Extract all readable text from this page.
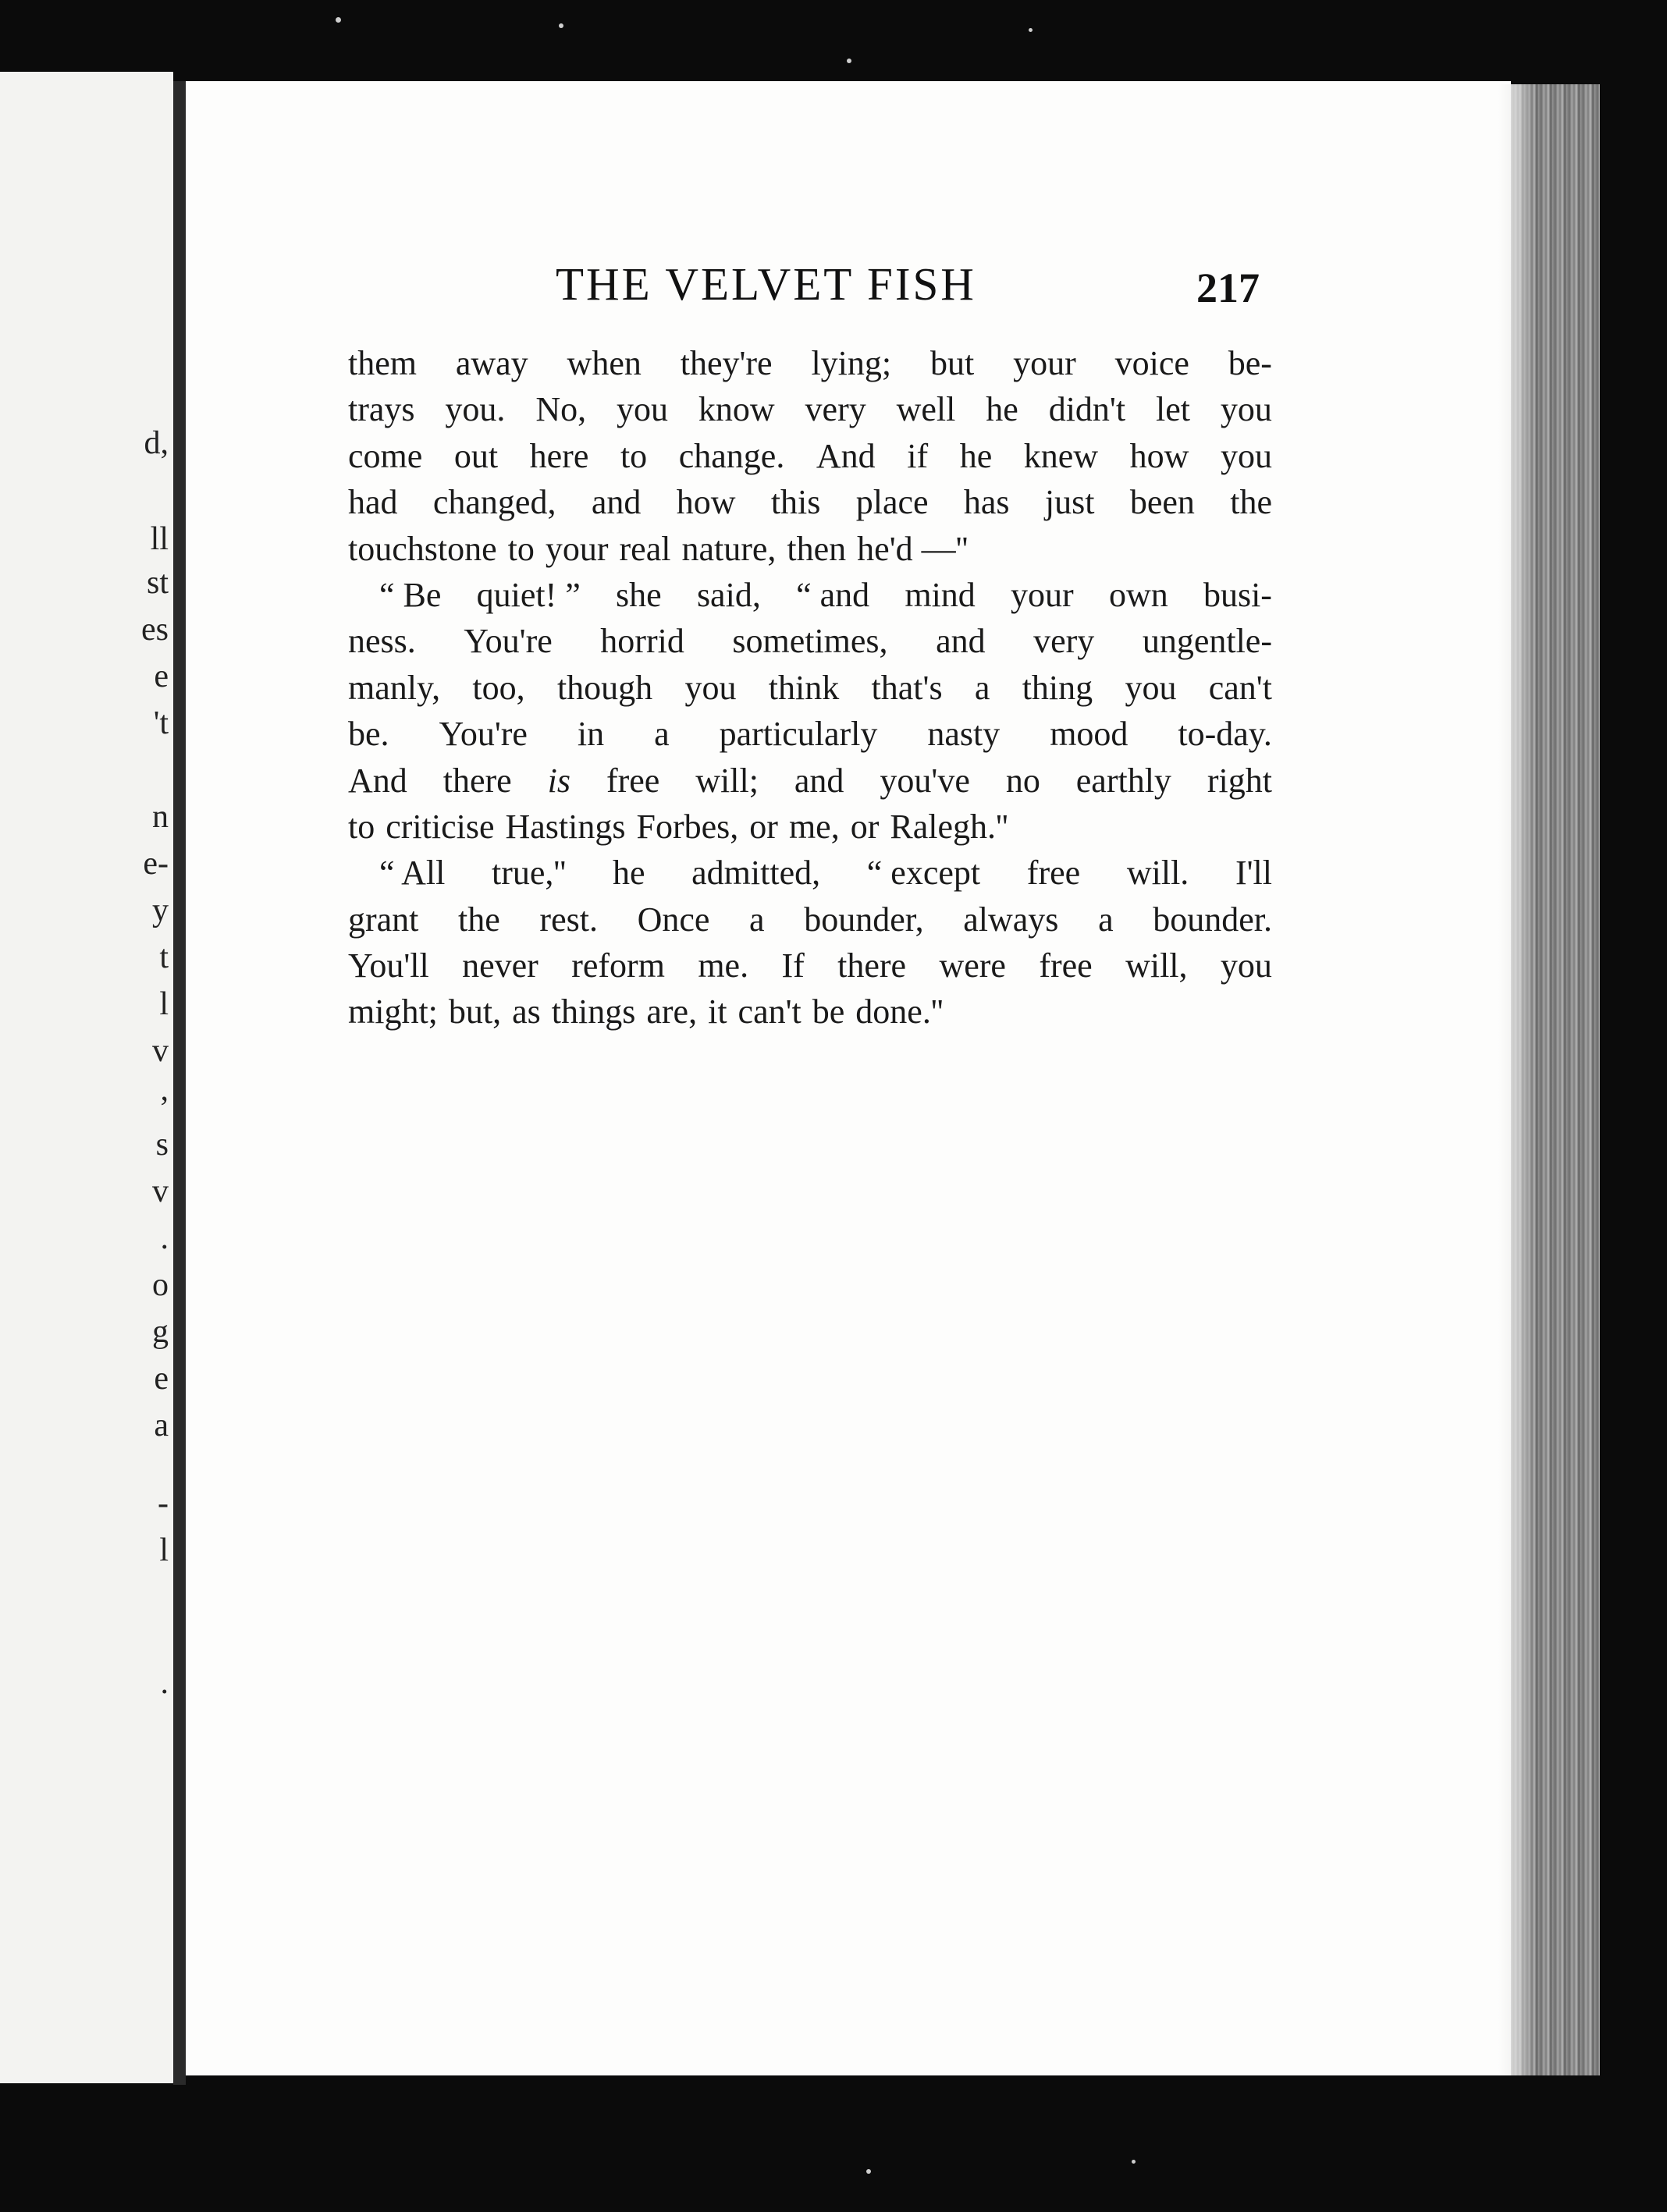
d,
ll
st
es
e
't
n
e-
y
t
l
v
,
s
v
.
o
g
e
a
-
l
.
THE VELVET FISH	217
them away when they're lying; but your voice be-
trays you. No, you know very well he didn't let you
come out here to change. And if he knew how you
had changed, and how this place has just been the
touchstone to your real nature, then he'd —''
“ Be quiet! ” she said, “ and mind your own busi-
ness. You're horrid sometimes, and very ungentle-
manly, too, though you think that's a thing you can't
be. You're in a particularly nasty mood to-day.
And there is free will; and you've no earthly right
to criticise Hastings Forbes, or me, or Ralegh.''
“ All true,'' he admitted, “ except free will. I'll
grant the rest. Once a bounder, always a bounder.
You'll never reform me. If there were free will, you
might; but, as things are, it can't be done.''
